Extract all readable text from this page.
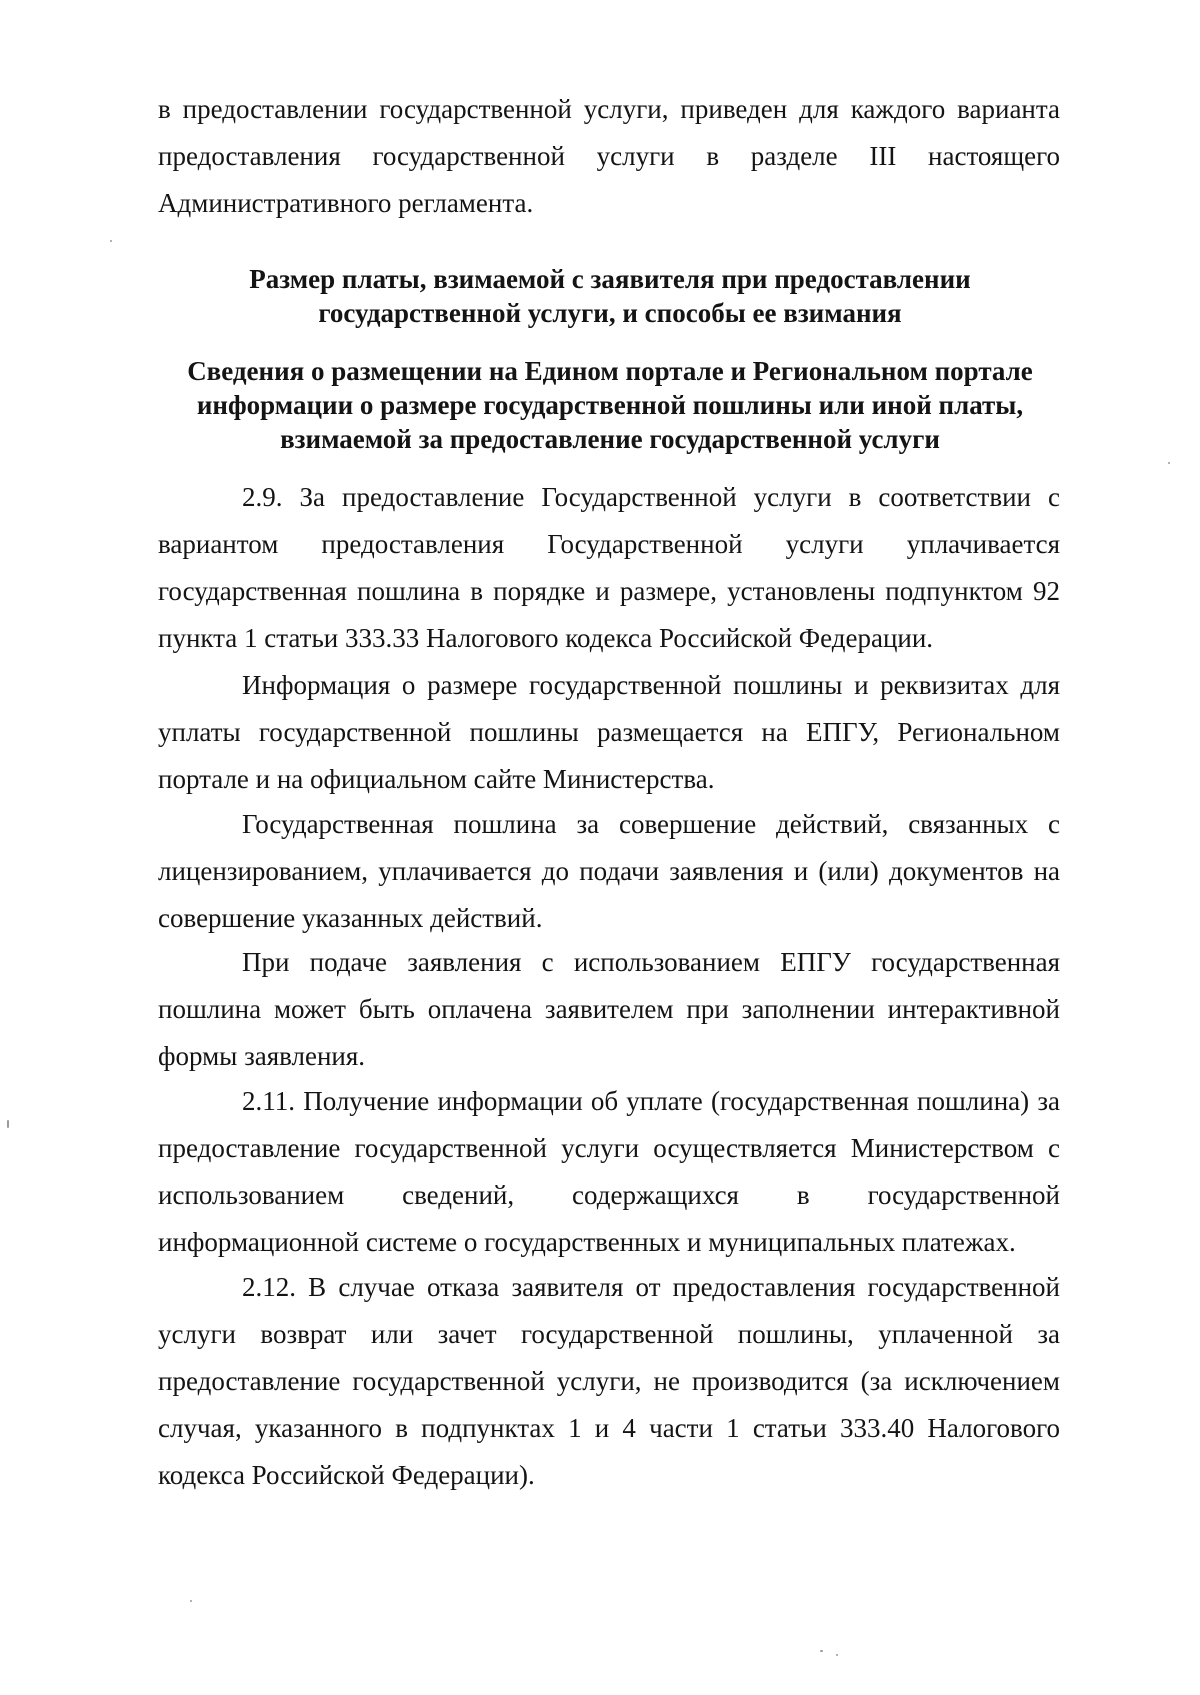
в предоставлении государственной услуги, приведен для каждого варианта предоставления государственной услуги в разделе III настоящего Административного регламента.

Размер платы, взимаемой с заявителя при предоставлении государственной услуги, и способы ее взимания
Сведения о размещении на Едином портале и Региональном портале информации о размере государственной пошлины или иной платы, взимаемой за предоставление государственной услуги

2.9. За предоставление Государственной услуги в соответствии с вариантом предоставления Государственной услуги уплачивается государственная пошлина в порядке и размере, установлены подпунктом 92 пункта 1 статьи 333.33 Налогового кодекса Российской Федерации.

Информация о размере государственной пошлины и реквизитах для уплаты государственной пошлины размещается на ЕПГУ, Региональном портале и на официальном сайте Министерства.

Государственная пошлина за совершение действий, связанных с лицензированием, уплачивается до подачи заявления и (или) документов на совершение указанных действий.

При подаче заявления с использованием ЕПГУ государственная пошлина может быть оплачена заявителем при заполнении интерактивной формы заявления.

2.11. Получение информации об уплате (государственная пошлина) за предоставление государственной услуги осуществляется Министерством с использованием сведений, содержащихся в государственной информационной системе о государственных и муниципальных платежах.

2.12. В случае отказа заявителя от предоставления государственной услуги возврат или зачет государственной пошлины, уплаченной за предоставление государственной услуги, не производится (за исключением случая, указанного в подпунктах 1 и 4 части 1 статьи 333.40 Налогового кодекса Российской Федерации).
